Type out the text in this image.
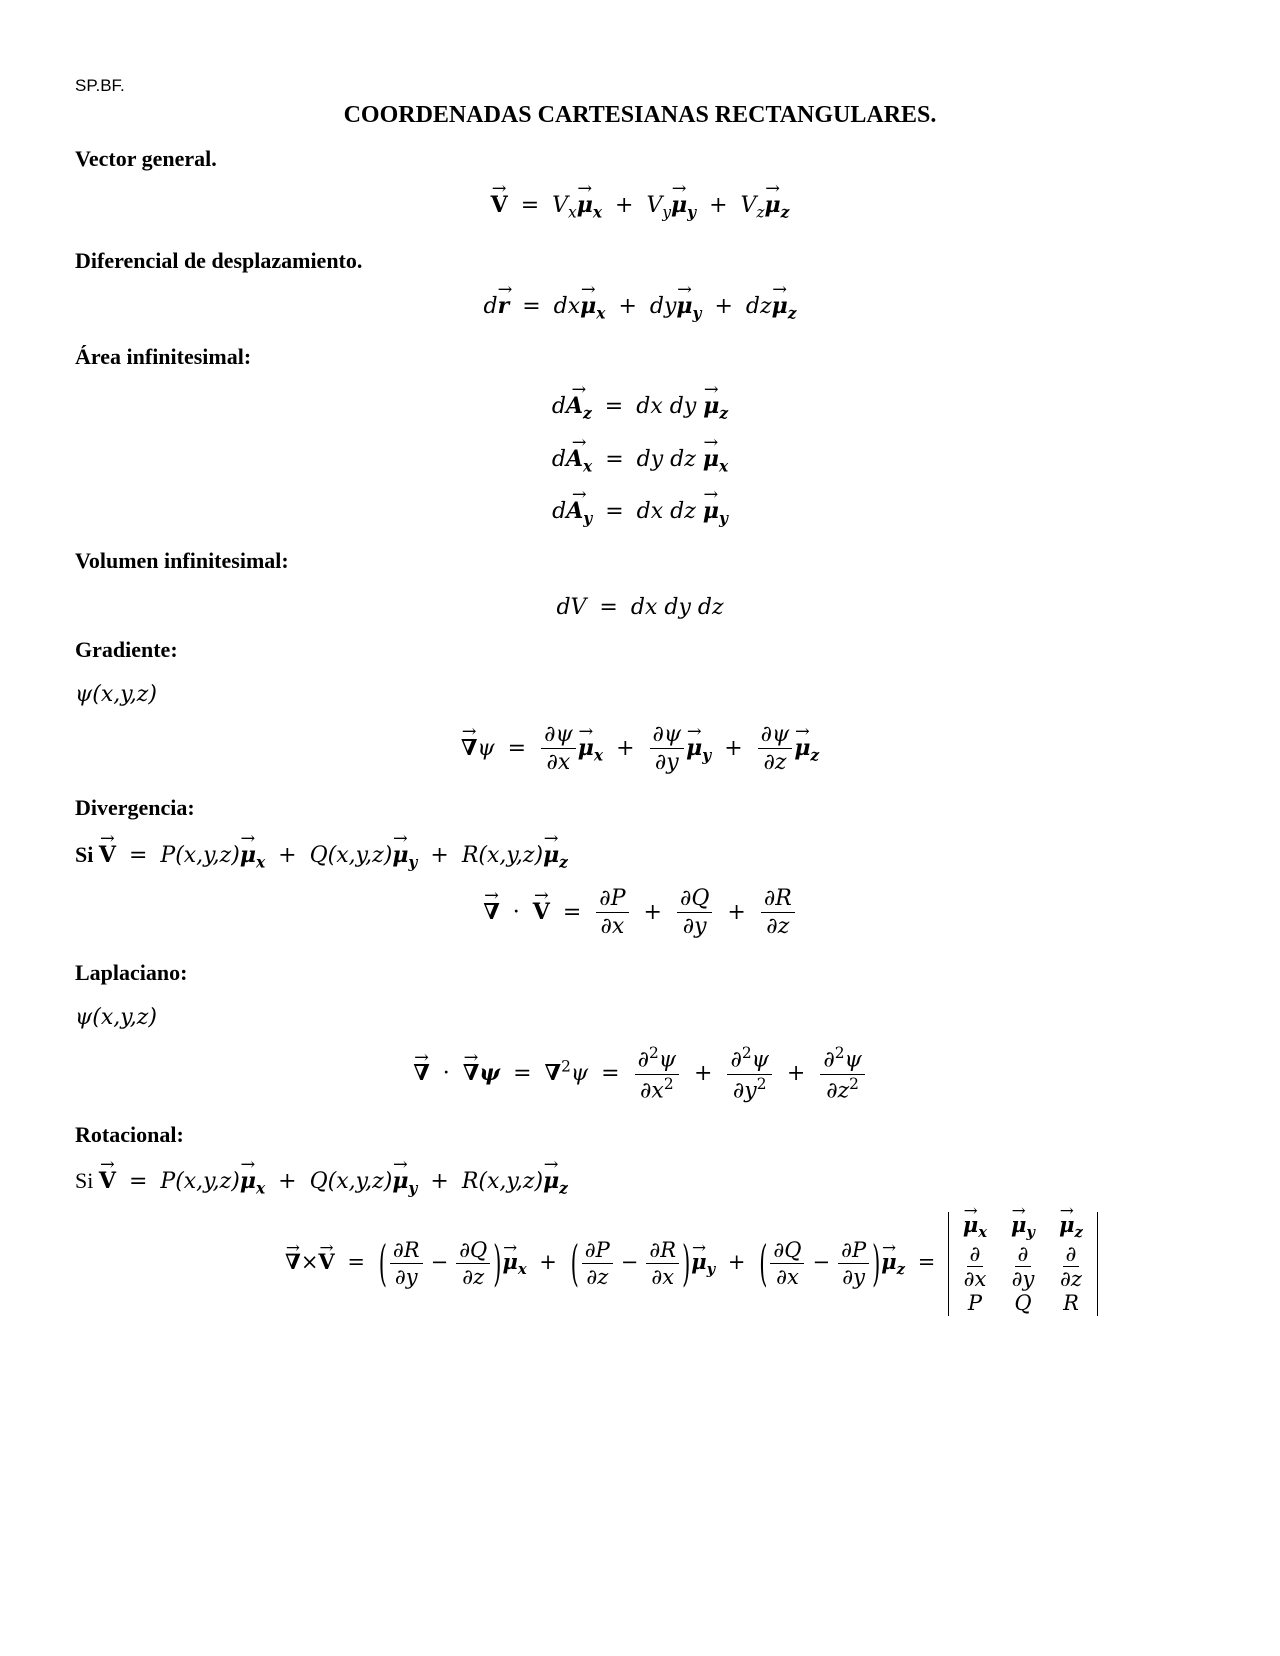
SP.BF.
COORDENADAS CARTESIANAS RECTANGULARES.
Vector general.
→ $V = V_x\to \mu_x + V_y\to \mu_y + V_z\to \mu_z$
Diferencial de desplazamiento.
$d\to r = dx\to \mu_x + dy\to \mu_y + dz\to \mu_z$
Área infinitesimal:
$d\to A_z$ = dx dy → $\mu_z$
$d\to A_x$ = dy dz → $\mu_x$
$d\to A_y$ = dx dz → $\mu_y$
Volumen infinitesimal:
dV = dx dy dz
Gradiente:
ψ(x,y,z)
→ $\nabla\psi = \frac{\partial\psi}{\partial x}$
→ $\mu_x + \frac{\partial\psi}{\partial y}$
→ $\mu_y + \frac{\partial\psi}{\partial z}$
→ $\mu_z$
Divergencia:
$Si \to V = P(x,y,z)\to \mu_x + Q(x,y,z)\to \mu_y + R(x,y,z)\to \mu_z$
→ ∇ · → $V = \frac{\partial P}{\partial x} + \frac{\partial Q}{\partial y} + \frac{\partial R}{\partial z}$
Laplaciano:
ψ(x,y,z)
→ ∇ · → $\nabla\psi = \nabla^2\psi = \frac{\partial^2\psi}{\partial x^2} + \frac{\partial^2\psi}{\partial y^2} + \frac{\partial^2\psi}{\partial z^2}$
Rotacional:
$Si \to V = P(x,y,z)\to \mu_x + Q(x,y,z)\to \mu_y + R(x,y,z)\to \mu_z$
→ ∇×→ V = ( $\frac{\partial R}{\partial y} - \frac{\partial Q}{\partial z}$ )→ $\mu_x$ + ( $\frac{\partial P}{\partial z} - \frac{\partial R}{\partial x}$ )→ $\mu_y$ + ( $\frac{\partial Q}{\partial x} - \frac{\partial P}{\partial y}$ )→ $\mu_z$ =
→ $\mu_x$
→	$\mu_y$
→	$\mu_z$
$\frac{\partial}{\partial x} \frac{\partial}{\partial y} \frac{\partial}{\partial z}$
P	Q	R
